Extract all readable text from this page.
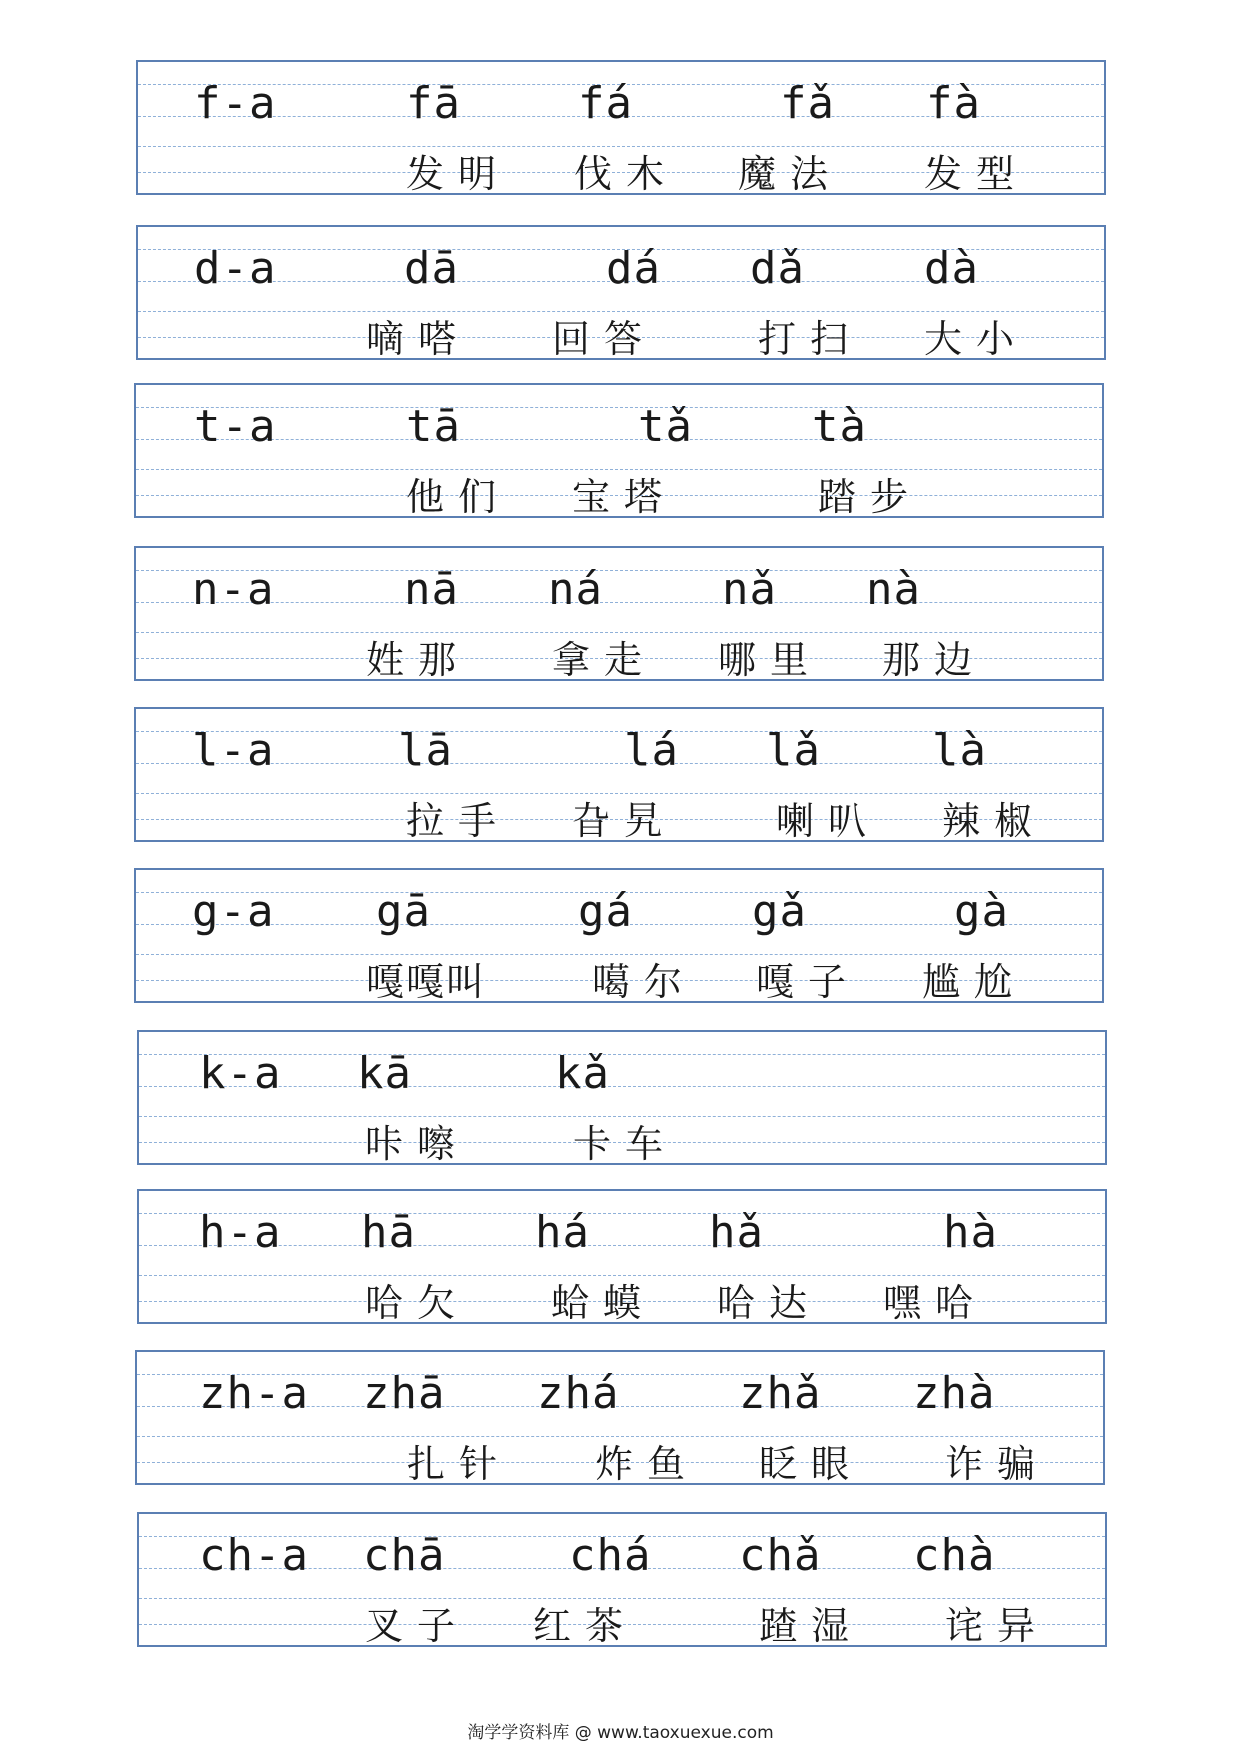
f-a	fā	fá	fǎ fà
发明 伐木 魔法 发型
d-a	dā	dá dǎ	dà
嘀嗒 回答	打扫 大小
t-a	tā	tǎ	tà
他们 宝塔	踏步
n-a	nā ná	nǎ nà
姓那 拿走 哪里 那边
l-a	lā	lá lǎ	là
拉手 旮旯	喇叭 辣椒
g-a gā	gá	gǎ	gà
嘎嘎叫	噶尔 嘎子 尴尬
k-a kā	kǎ
咔嚓	卡车
h-a hā	há	hǎ	hà
哈欠 蛤蟆 哈达 嘿哈
zh-a zhā zhá	zhǎ zhà
扎针 炸鱼 眨眼 诈骗
ch-a chā	chá chǎ chà
叉子 红茶	蹅湿 诧异
淘学学资料库 @ www.taoxuexue.com
